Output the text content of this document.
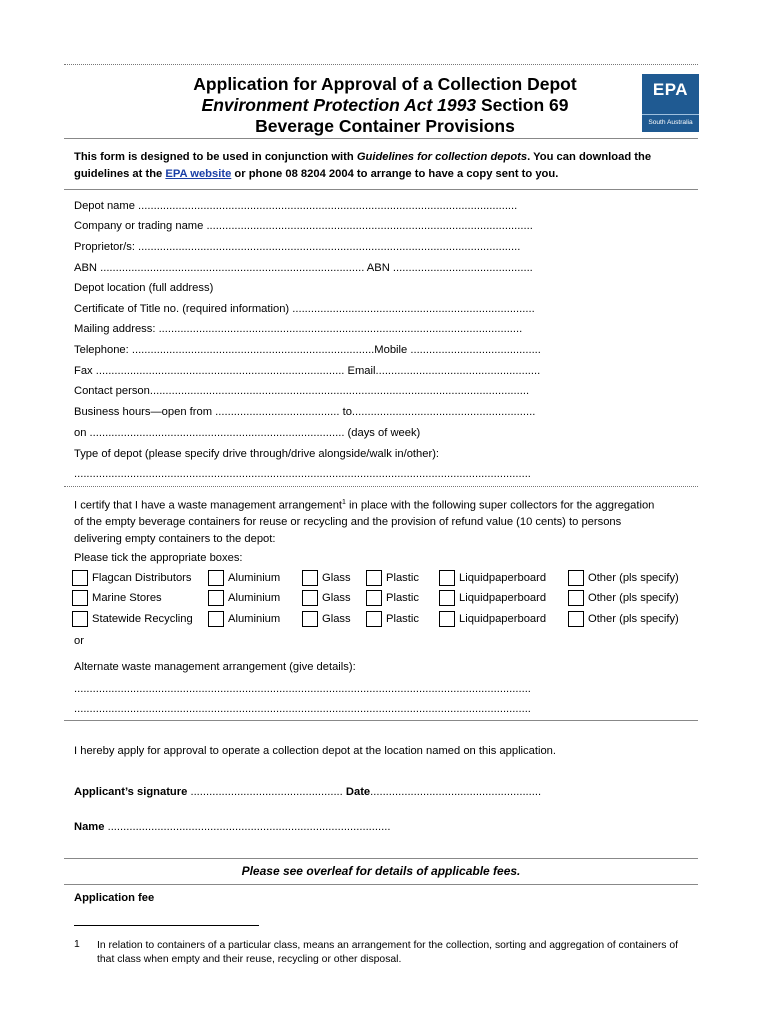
Application for Approval of a Collection Depot
Environment Protection Act 1993 Section 69
Beverage Container Provisions
EPA
South Australia
This form is designed to be used in conjunction with Guidelines for collection depots. You can download the guidelines at the EPA website or phone 08 8204 2004 to arrange to have a copy sent to you.
Depot name ..........................................................................................................................
Company or trading name .........................................................................................................
Proprietor/s: ...........................................................................................................................
ABN ..................................................................................... ABN .............................................
Depot location (full address)
Certificate of Title no. (required information) ..............................................................................
Mailing address: .....................................................................................................................
Telephone: ..............................................................................Mobile ..........................................
Fax ................................................................................ Email.....................................................
Contact person..........................................................................................................................
Business hours—open from ........................................ to...........................................................
on .................................................................................. (days of week)
Type of depot (please specify drive through/drive alongside/walk in/other):
...................................................................................................................................................
I certify that I have a waste management arrangement$^1$ in place with the following super collectors for the aggregation of the empty beverage containers for reuse or recycling and the provision of refund value (10 cents) to persons delivering empty containers to the depot:
Please tick the appropriate boxes:
Flagcan Distributors	Aluminium	Glass	Plastic	Liquidpaperboard	Other (pls specify)
Marine Stores	Aluminium	Glass	Plastic	Liquidpaperboard	Other (pls specify)
Statewide Recycling	Aluminium	Glass	Plastic	Liquidpaperboard	Other (pls specify)
or
Alternate waste management arrangement (give details):
...................................................................................................................................................
...................................................................................................................................................
I hereby apply for approval to operate a collection depot at the location named on this application.
Applicant’s signature ................................................. Date.......................................................
Name ...........................................................................................
Please see overleaf for details of applicable fees.
Application fee
1 In relation to containers of a particular class, means an arrangement for the collection, sorting and aggregation of containers of that class when empty and their reuse, recycling or other disposal.
